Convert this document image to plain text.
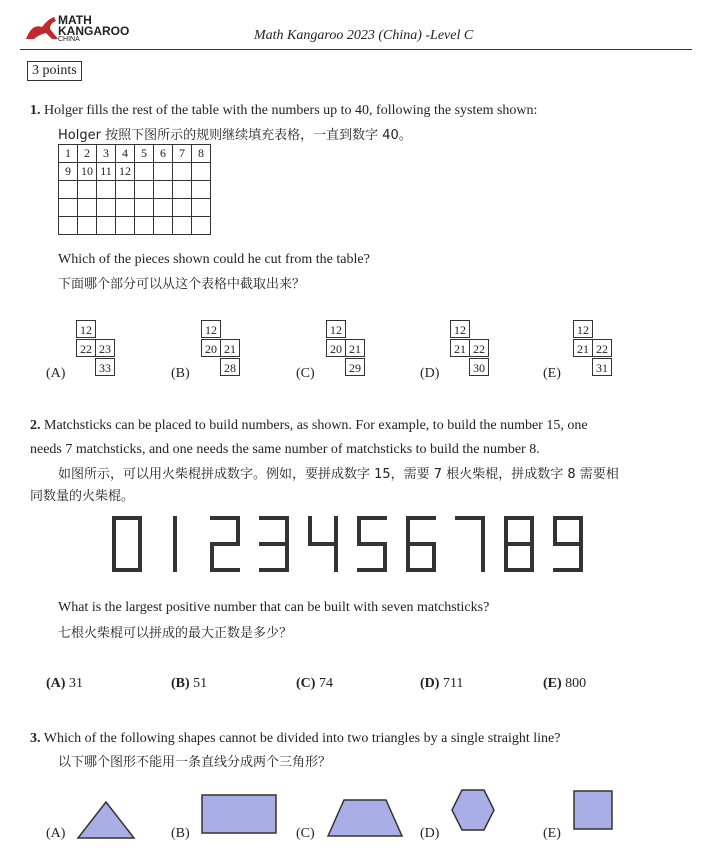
MATH
KANGAROO
CHINA	Math Kangaroo 2023 (China) -Level C
3 points
1. Holger fills the rest of the table with the numbers up to 40, following the system shown:
Holger 按照下图所示的规则继续填充表格，一直到数字 40。
1	2	3	4	5	6	7	8
9	10	11	12				

Which of the pieces shown could he cut from the table?
下面哪个部分可以从这个表格中截取出来？
(A)
12
22 23
33	(B)
12
20 21
28	(C)
12
20 21
29	(D)
12
21 22
30	(E)
12
21 22
31
2. Matchsticks can be placed to build numbers, as shown. For example, to build the number 15, one
needs 7 matchsticks, and one needs the same number of matchsticks to build the number 8.
如图所示，可以用火柴棍拼成数字。例如，要拼成数字 15，需要 7 根火柴棍，拼成数字 8 需要相
同数量的火柴棍。
What is the largest positive number that can be built with seven matchsticks?
七根火柴棍可以拼成的最大正数是多少？
(A) 31	(B) 51	(C) 74	(D) 711	(E) 800
3. Which of the following shapes cannot be divided into two triangles by a single straight line?
以下哪个图形不能用一条直线分成两个三角形？
(A)	(B)	(C)	(D)	(E)
